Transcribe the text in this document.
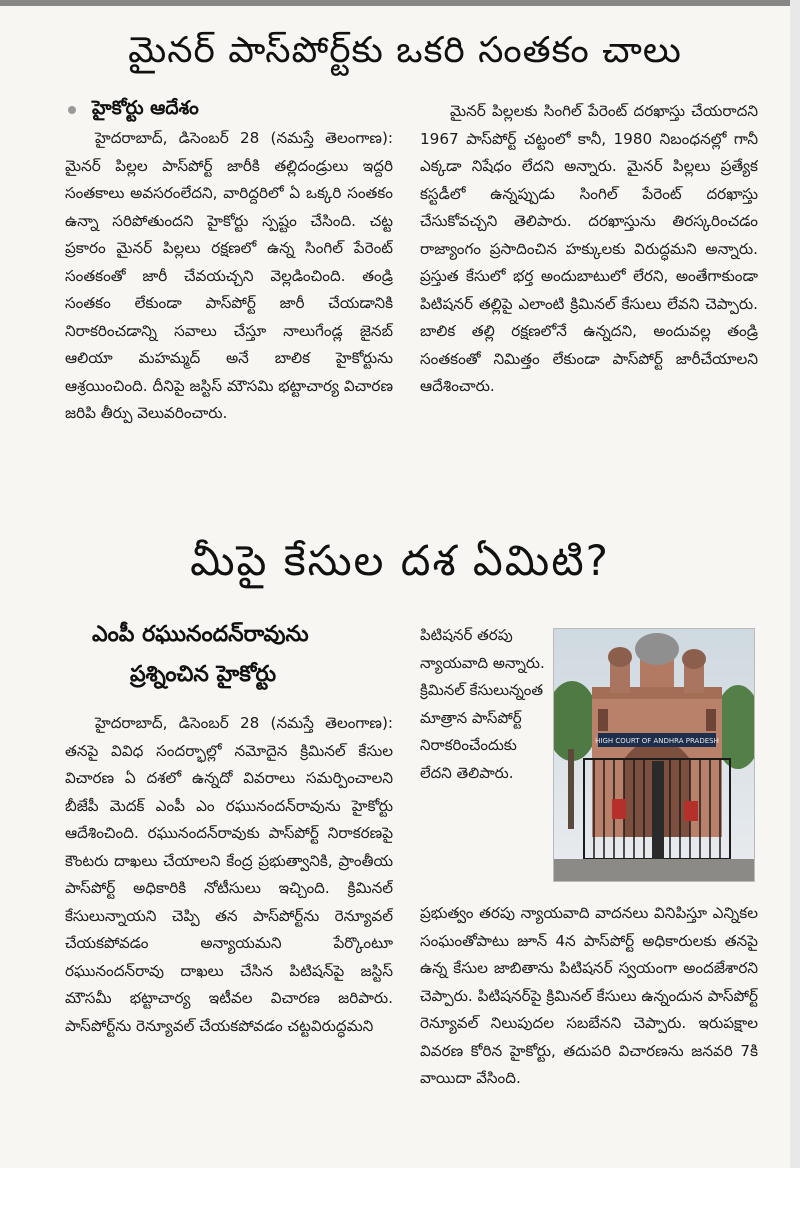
మైనర్ పాస్‌పోర్ట్‌కు ఒకరి సంతకం చాలు
హైకోర్టు ఆదేశం

హైదరాబాద్, డిసెంబర్ 28 (నమస్తే తెలంగాణ): మైనర్ పిల్లల పాస్‌పోర్ట్ జారీకి తల్లిదండ్రులు ఇద్దరి సంతకాలు అవసరంలేదని, వారిద్దరిలో ఏ ఒక్కరి సంతకం ఉన్నా సరిపోతుందని హైకోర్టు స్పష్టం చేసింది. చట్ట ప్రకారం మైనర్ పిల్లలు రక్షణలో ఉన్న సింగిల్ పేరెంట్ సంతకంతో జారీ చేవయచ్చని వెల్లడించింది. తండ్రి సంతకం లేకుండా పాస్‌పోర్ట్ జారీ చేయడానికి నిరాకరించడాన్ని సవాలు చేస్తూ నాలుగేండ్ల జైనబ్ ఆలియా మహమ్మద్ అనే బాలిక హైకోర్టును ఆశ్రయించింది. దీనిపై జస్టిస్ మౌసమి భట్టాచార్య విచారణ జరిపి తీర్పు వెలువరించారు.

మైనర్ పిల్లలకు సింగిల్ పేరెంట్ దరఖాస్తు చేయరాదని 1967 పాస్‌పోర్ట్ చట్టంలో కానీ, 1980 నిబంధనల్లో గానీ ఎక్కడా నిషేధం లేదని అన్నారు. మైనర్ పిల్లలు ప్రత్యేక కస్టడీలో ఉన్నప్పుడు సింగిల్ పేరెంట్ దరఖాస్తు చేసుకోవచ్చని తెలిపారు. దరఖాస్తును తిరస్కరించడం రాజ్యాంగం ప్రసాదించిన హక్కులకు విరుద్ధమని అన్నారు. ప్రస్తుత కేసులో భర్త అందుబాటులో లేరని, అంతేగాకుండా పిటిషనర్ తల్లిపై ఎలాంటి క్రిమినల్ కేసులు లేవని చెప్పారు. బాలిక తల్లి రక్షణలోనే ఉన్నదని, అందువల్ల తండ్రి సంతకంతో నిమిత్తం లేకుండా పాస్‌పోర్ట్ జారీచేయాలని ఆదేశించారు.

మీపై కేసుల దశ ఏమిటి?
ఎంపీ రఘునందన్‌రావును
ప్రశ్నించిన హైకోర్టు

హైదరాబాద్, డిసెంబర్ 28 (నమస్తే తెలంగాణ): తనపై వివిధ సందర్భాల్లో నమోదైన క్రిమినల్ కేసుల విచారణ ఏ దశలో ఉన్నదో వివరాలు సమర్పించాలని బీజేపీ మెదక్ ఎంపీ ఎం రఘునందన్‌రావును హైకోర్టు ఆదేశించింది. రఘునందన్‌రావుకు పాస్‌పోర్ట్ నిరాకరణపై కౌంటరు దాఖలు చేయాలని కేంద్ర ప్రభుత్వానికి, ప్రాంతీయ పాస్‌పోర్ట్ అధికారికి నోటీసులు ఇచ్చింది. క్రిమినల్ కేసులున్నాయని చెప్పి తన పాస్‌పోర్ట్‌ను రెన్యూవల్ చేయకపోవడం అన్యాయమని పేర్కొంటూ రఘునందన్‌రావు దాఖలు చేసిన పిటిషన్‌పై జస్టిస్ మౌసమీ భట్టాచార్య ఇటీవల విచారణ జరిపారు. పాస్‌పోర్ట్‌ను రెన్యూవల్ చేయకపోవడం చట్టవిరుద్ధమని

పిటిషనర్ తరపు న్యాయవాది అన్నారు. క్రిమినల్ కేసులున్నంత మాత్రాన పాస్‌పోర్ట్ నిరాకరించేందుకు లేదని తెలిపారు.

HIGH COURT OF ANDHRA PRADESH

ప్రభుత్వం తరపు న్యాయవాది వాదనలు వినిపిస్తూ ఎన్నికల సంఘంతోపాటు జూన్ 4న పాస్‌పోర్ట్ అధికారులకు తనపై ఉన్న కేసుల జాబితాను పిటిషనర్ స్వయంగా అందజేశారని చెప్పారు. పిటిషనర్‌పై క్రిమినల్ కేసులు ఉన్నందున పాస్‌పోర్ట్ రెన్యూవల్ నిలుపుదల సబబేనని చెప్పారు. ఇరుపక్షాల వివరణ కోరిన హైకోర్టు, తదుపరి విచారణను జనవరి 7కి వాయిదా వేసింది.
